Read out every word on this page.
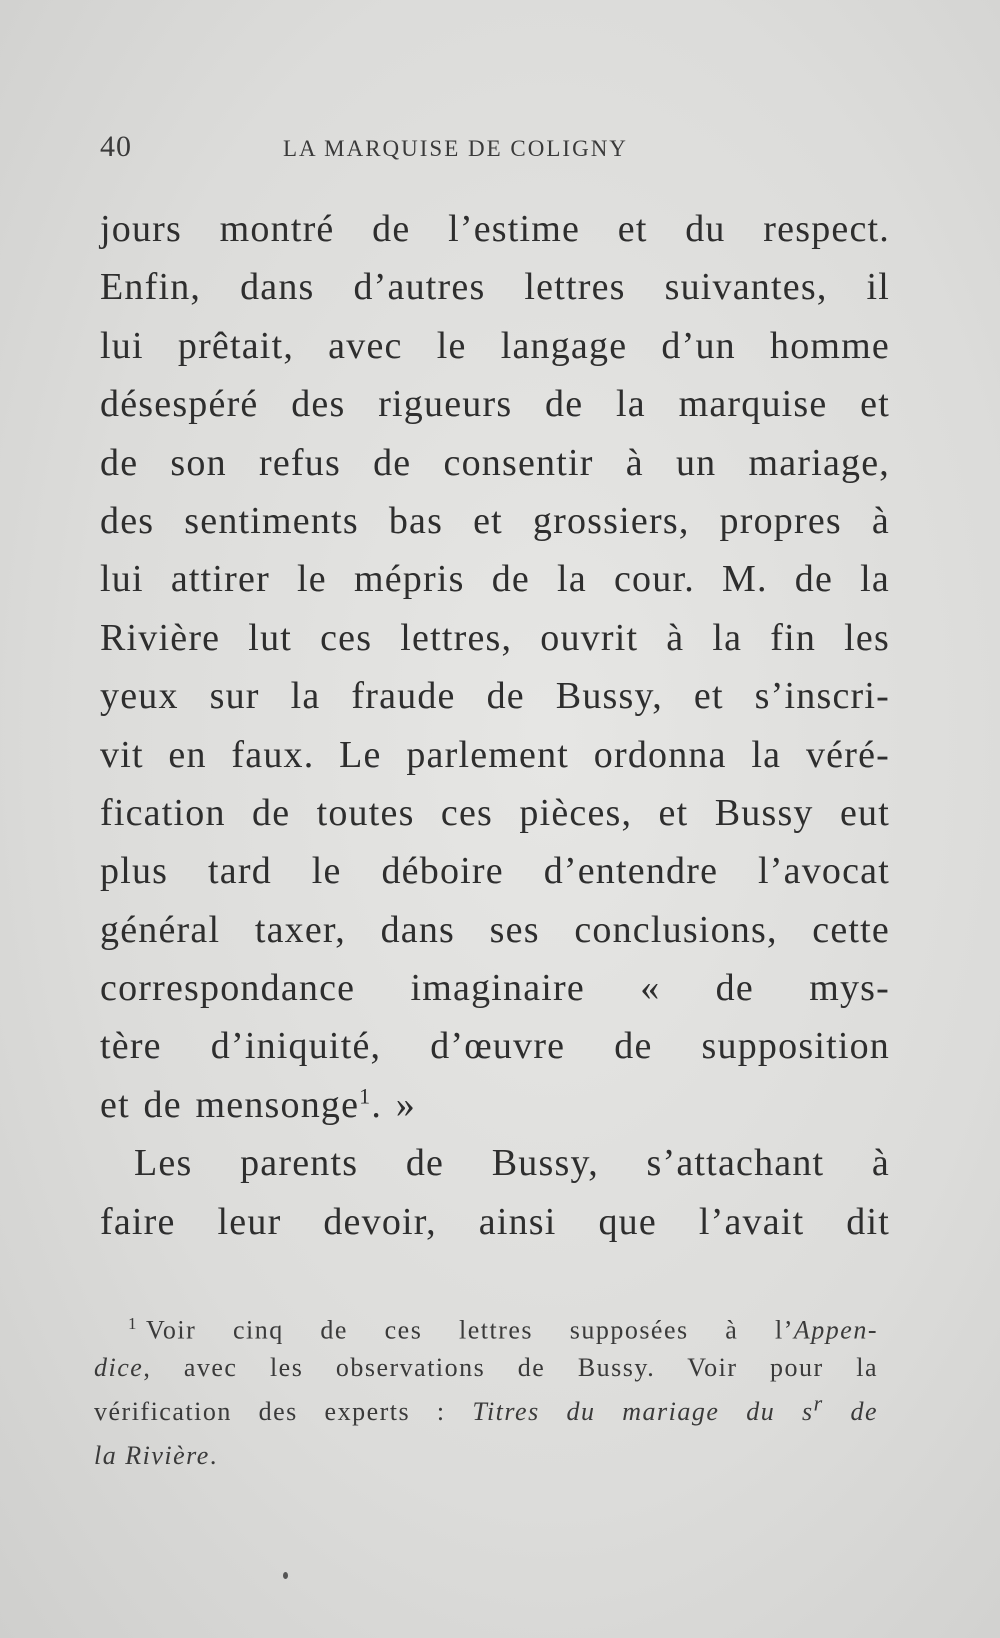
40	LA MARQUISE DE COLIGNY
jours montré de l’estime et du respect.
Enfin, dans d’autres lettres suivantes, il
lui prêtait, avec le langage d’un homme
désespéré des rigueurs de la marquise et
de son refus de consentir à un mariage,
des sentiments bas et grossiers, propres à
lui attirer le mépris de la cour. M. de la
Rivière lut ces lettres, ouvrit à la fin les
yeux sur la fraude de Bussy, et s’inscri-
vit en faux. Le parlement ordonna la véré-
fication de toutes ces pièces, et Bussy eut
plus tard le déboire d’entendre l’avocat
général taxer, dans ses conclusions, cette
correspondance imaginaire « de mys-
tère d’iniquité, d’œuvre de supposition
et de mensonge$^1$. »
Les parents de Bussy, s’attachant à
faire leur devoir, ainsi que l’avait dit
$^1$ Voir cinq de ces lettres supposées à l’Appen-
dice, avec les observations de Bussy. Voir pour la
vérification des experts : Titres du mariage du $s^r$ de
la Rivière.
